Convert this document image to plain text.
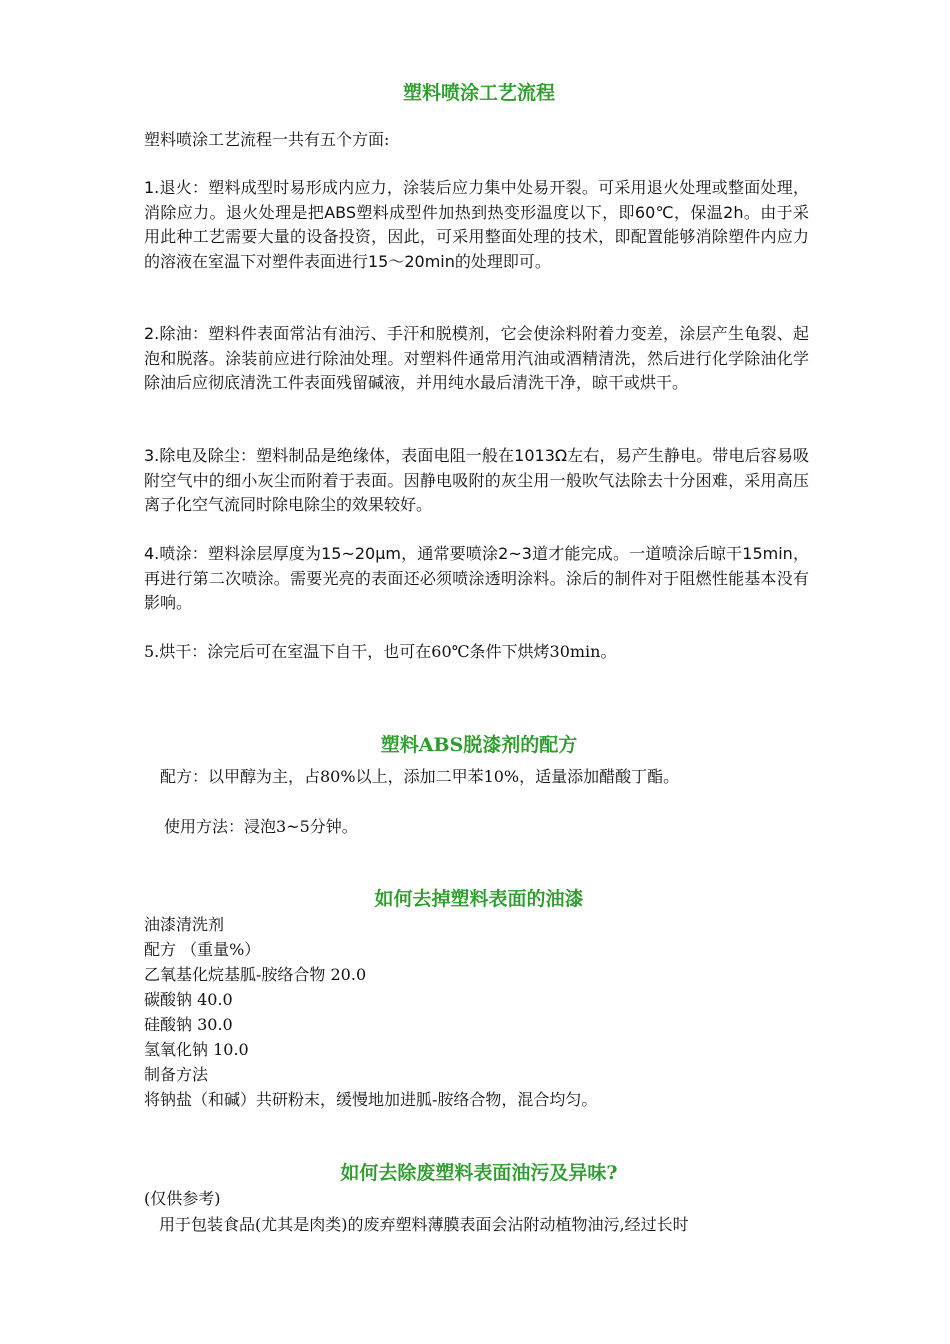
塑料喷涂工艺流程

塑料喷涂工艺流程一共有五个方面:

1.退火：塑料成型时易形成内应力，涂装后应力集中处易开裂。可采用退火处理或整面处理，消除应力。退火处理是把ABS塑料成型件加热到热变形温度以下，即60℃，保温2h。由于采用此种工艺需要大量的设备投资，因此，可采用整面处理的技术，即配置能够消除塑件内应力的溶液在室温下对塑件表面进行15～20min的处理即可。

2.除油：塑料件表面常沾有油污、手汗和脱模剂，它会使涂料附着力变差，涂层产生龟裂、起泡和脱落。涂装前应进行除油处理。对塑料件通常用汽油或酒精清洗，然后进行化学除油化学除油后应彻底清洗工件表面残留碱液，并用纯水最后清洗干净，晾干或烘干。

3.除电及除尘：塑料制品是绝缘体，表面电阻一般在1013Ω左右，易产生静电。带电后容易吸附空气中的细小灰尘而附着于表面。因静电吸附的灰尘用一般吹气法除去十分困难，采用高压离子化空气流同时除电除尘的效果较好。

4.喷涂：塑料涂层厚度为15~20μm，通常要喷涂2~3道才能完成。一道喷涂后晾干15min，再进行第二次喷涂。需要光亮的表面还必须喷涂透明涂料。涂后的制件对于阻燃性能基本没有影响。

5.烘干：涂完后可在室温下自干，也可在60℃条件下烘烤30min。

塑料ABS脱漆剂的配方

配方：以甲醇为主，占80%以上，添加二甲苯10%，适量添加醋酸丁酯。

使用方法：浸泡3~5分钟。

如何去掉塑料表面的油漆

油漆清洗剂

配方 （重量%）

乙氧基化烷基胍-胺络合物 20.0

碳酸钠 40.0

硅酸钠 30.0

氢氧化钠 10.0

制备方法

将钠盐（和碱）共研粉末，缓慢地加进胍-胺络合物，混合均匀。

如何去除废塑料表面油污及异味?

(仅供参考)

用于包装食品(尤其是肉类)的废弃塑料薄膜表面会沾附动植物油污,经过长时
